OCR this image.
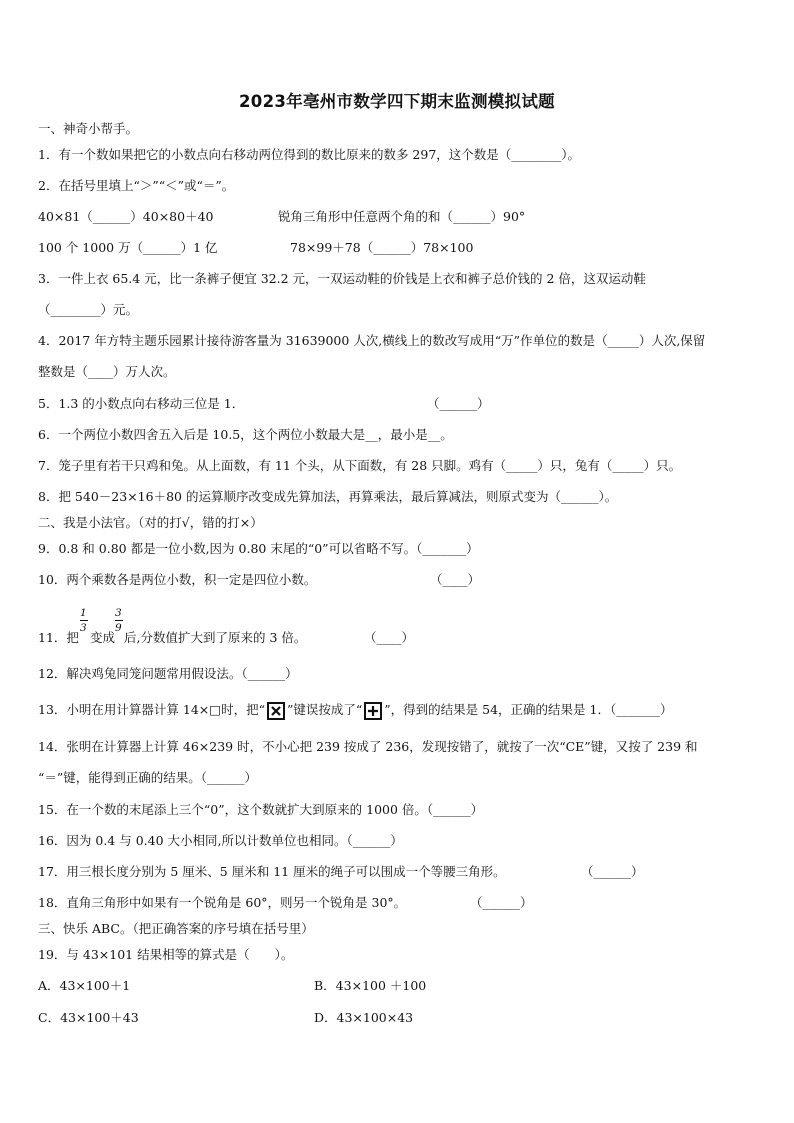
2023年亳州市数学四下期末监测模拟试题
一、神奇小帮手。
1．有一个数如果把它的小数点向右移动两位得到的数比原来的数多 297，这个数是（________）。
2．在括号里填上“＞”“＜”或“＝”。
40×81（______）40×80＋40	锐角三角形中任意两个角的和（______）90°
100 个 1000 万（______）1 亿	78×99＋78（______）78×100
3．一件上衣 65.4 元，比一条裤子便宜 32.2 元，一双运动鞋的价钱是上衣和裤子总价钱的 2 倍，这双运动鞋
（________）元。
4．2017 年方特主题乐园累计接待游客量为 31639000 人次,横线上的数改写成用“万”作单位的数是（_____）人次,保留
整数是（____）万人次。
5．1.3 的小数点向右移动三位是 1．	（______）
6．一个两位小数四舍五入后是 10.5，这个两位小数最大是__，最小是__。
7．笼子里有若干只鸡和兔。从上面数，有 11 个头，从下面数，有 28 只脚。鸡有（_____）只，兔有（_____）只。
8．把 540－23×16＋80 的运算顺序改变成先算加法，再算乘法，最后算减法，则原式变为（______）。
二、我是小法官。（对的打√，错的打×）
9．0.8 和 0.80 都是一位小数,因为 0.80 末尾的“0”可以省略不写。（_______）
10．两个乘数各是两位小数，积一定是四位小数。	（____）
1
3
3
9
11．把 变成 后,分数值扩大到了原来的 3 倍。	（____）
12．解决鸡兔同笼问题常用假设法。（______）
13．小明在用计算器计算 14×□时，把“ ”键误按成了“ ”，得到的结果是 54，正确的结果是 1．（_______）
14．张明在计算器上计算 46×239 时，不小心把 239 按成了 236，发现按错了，就按了一次“CE”键，又按了 239 和
“＝”键，能得到正确的结果。（______）
15．在一个数的末尾添上三个“0”，这个数就扩大到原来的 1000 倍。（______）
16．因为 0.4 与 0.40 大小相同,所以计数单位也相同。（______）
17．用三根长度分别为 5 厘米、5 厘米和 11 厘米的绳子可以围成一个等腰三角形。	（______）
18．直角三角形中如果有一个锐角是 60°，则另一个锐角是 30°。	（______）
三、快乐 ABC。（把正确答案的序号填在括号里）
19．与 43×101 结果相等的算式是（　　）。
A．43×100＋1	B．43×100 ＋100
C．43×100＋43	D．43×100×43
